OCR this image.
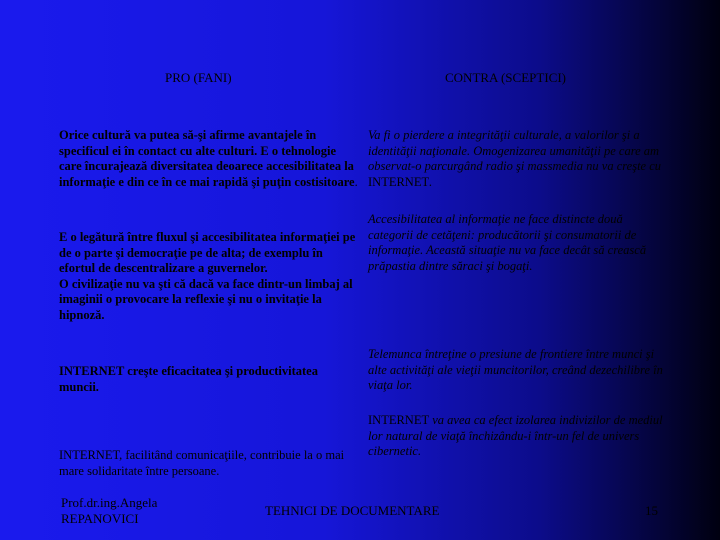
PRO (FANI)	CONTRA (SCEPTICI)
Orice cultură va putea să-şi afirme avantajele în specificul ei în contact cu alte culturi. E o tehnologie care încurajează diversitatea deoarece accesibilitatea la informaţie e din ce în ce mai rapidă şi puţin costisitoare.

E o legătură între fluxul şi accesibilitatea informaţiei pe de o parte şi democraţie pe de alta; de exemplu în efortul de descentralizare a guvernelor.

O civilizaţie nu va şti că dacă va face dintr-un limbaj al imaginii o provocare la reflexie şi nu o invitaţie la hipnoză.

INTERNET creşte eficacitatea şi productivitatea muncii.
INTERNET, facilitând comunicaţiile, contribuie la o mai mare solidaritate între persoane.
Va fi o pierdere a integrităţii culturale, a valorilor şi a identităţii naţionale. Omogenizarea umanităţii pe care am observat-o parcurgând radio şi massmedia nu va creşte cu INTERNET.
Accesibilitatea al informaţie ne face distincte două categorii de cetăţeni: producătorii şi consumatorii de informaţie. Această situaţie nu va face decât să crească prăpastia dintre săraci şi bogaţi.
Telemunca întreţine o presiune de frontiere între munci şi alte activităţi ale vieţii muncitorilor, creând dezechilibre în viaţa lor.
INTERNET va avea ca efect izolarea indivizilor de mediul lor natural de viaţă închizându-i într-un fel de univers cibernetic.
Prof.dr.ing.Angela
REPANOVICI
TEHNICI DE DOCUMENTARE	15
